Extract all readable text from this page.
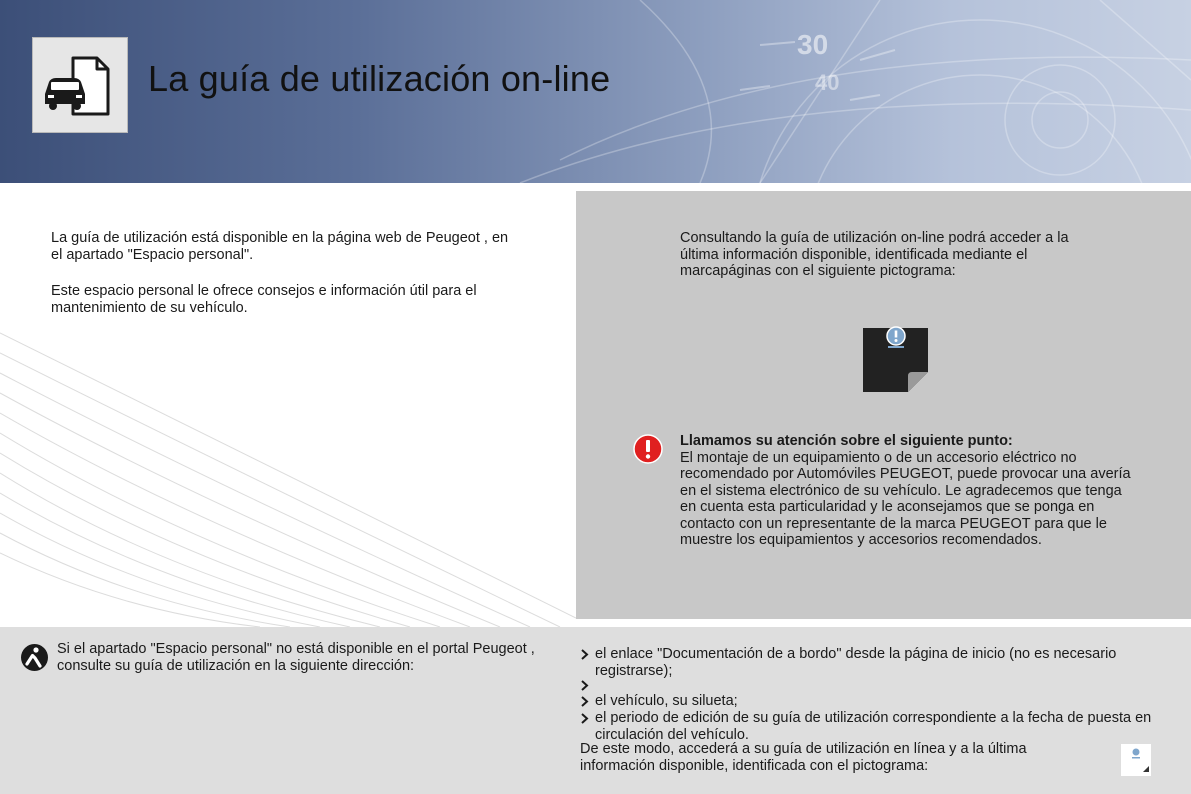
30
40
La guía de utilización on-line

La guía de utilización está disponible en la página web de Peugeot , en el apartado "Espacio personal".

Este espacio personal le ofrece consejos e información útil para el mantenimiento de su vehículo.

Consultando la guía de utilización on-line podrá acceder a la última información disponible, identificada mediante el marcapáginas con el siguiente pictograma:

Llamamos su atención sobre el siguiente punto:
El montaje de un equipamiento o de un accesorio eléctrico no recomendado por Automóviles PEUGEOT, puede provocar una avería en el sistema electrónico de su vehículo. Le agradecemos que tenga en cuenta esta particularidad y le aconsejamos que se ponga en contacto con un representante de la marca PEUGEOT para que le muestre los equipamientos y accesorios recomendados.

Si el apartado "Espacio personal" no está disponible en el portal Peugeot , consulte su guía de utilización en la siguiente dirección:

el enlace "Documentación de a bordo" desde la página de inicio (no es necesario registrarse);
el vehículo, su silueta;
el periodo de edición de su guía de utilización correspondiente a la fecha de puesta en circulación del vehículo.

De este modo, accederá a su guía de utilización en línea y a la última información disponible, identificada con el pictograma:
